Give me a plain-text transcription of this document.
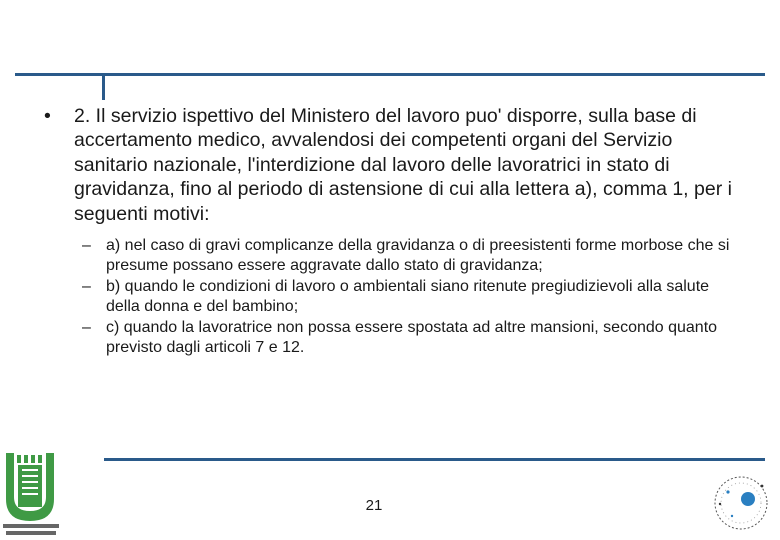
•	2. Il servizio ispettivo del Ministero del lavoro puo' disporre, sulla base di accertamento medico, avvalendosi dei competenti organi del Servizio sanitario nazionale, l'interdizione dal lavoro delle lavoratrici in stato di gravidanza, fino al periodo di astensione di cui alla lettera a), comma 1, per i seguenti motivi:
– a) nel caso di gravi complicanze della gravidanza o di preesistenti forme morbose che si presume possano essere aggravate dallo stato di gravidanza;
– b) quando le condizioni di lavoro o ambientali siano ritenute pregiudizievoli alla salute della donna e del bambino;
– c) quando la lavoratrice non possa essere spostata ad altre mansioni, secondo quanto previsto dagli articoli 7 e 12.
21
